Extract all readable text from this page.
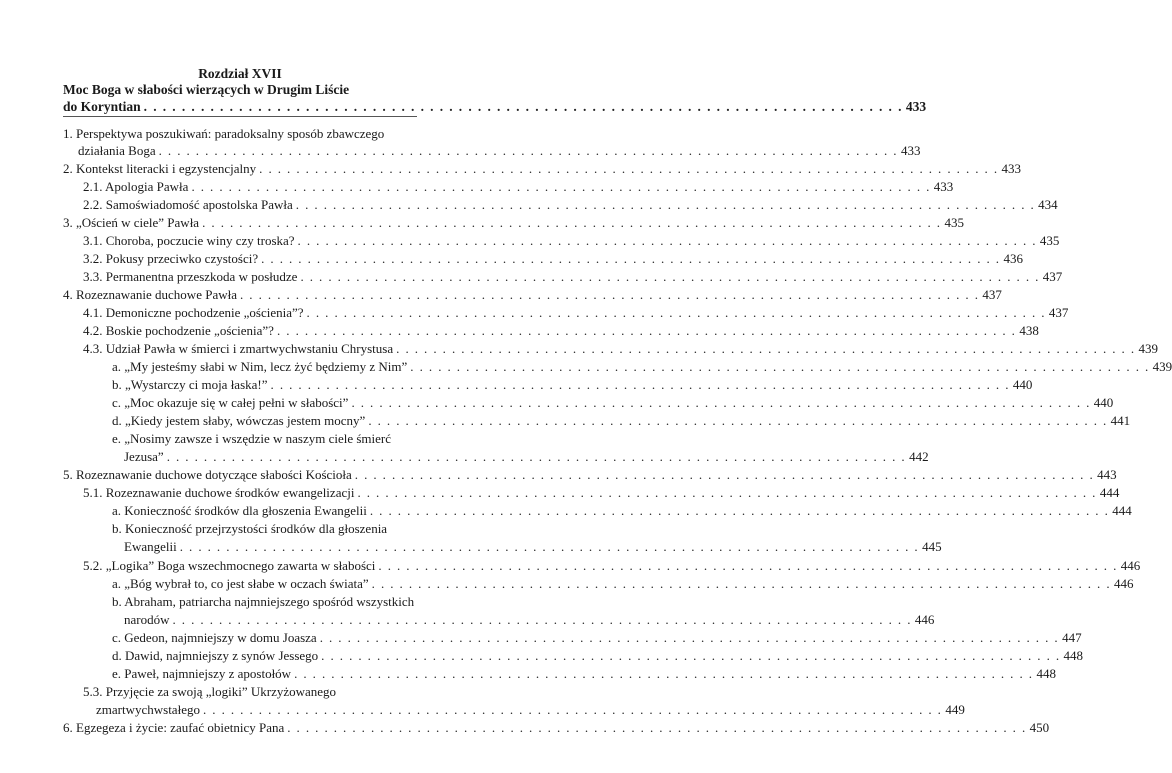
Rozdział XVII
Moc Boga w słabości wierzących w Drugim Liście
do Koryntian . . . . . . . . . . . . . . . . . . . . . . . . . . . . . . . . . . . . . . . . . . . . . . . . . . . . . . . . . . . . . . . . . . . . . . . . . . . . . . . . 433
1. Perspektywa poszukiwań: paradoksalny sposób zbawczego
działania Boga . . . . . . . . . . . . . . . . . . . . . . . . . . . . . . . . . . . . . . . . . . . . . . . . . . . . . . . . . . . . . . . . . . . . . . . . . . . . . . . . 433
2. Kontekst literacki i egzystencjalny . . . . . . . . . . . . . . . . . . . . . . . . . . . . . . . . . . . . . . . . . . . . . . . . . . . . . . . . . . . . . . . . . . . . . . . . . . . . . . . . 433
2.1. Apologia Pawła . . . . . . . . . . . . . . . . . . . . . . . . . . . . . . . . . . . . . . . . . . . . . . . . . . . . . . . . . . . . . . . . . . . . . . . . . . . . . . . . 433
2.2. Samoświadomość apostolska Pawła . . . . . . . . . . . . . . . . . . . . . . . . . . . . . . . . . . . . . . . . . . . . . . . . . . . . . . . . . . . . . . . . . . . . . . . . . . . . . . . . 434
3. „Oścień w ciele” Pawła . . . . . . . . . . . . . . . . . . . . . . . . . . . . . . . . . . . . . . . . . . . . . . . . . . . . . . . . . . . . . . . . . . . . . . . . . . . . . . . . 435
3.1. Choroba, poczucie winy czy troska? . . . . . . . . . . . . . . . . . . . . . . . . . . . . . . . . . . . . . . . . . . . . . . . . . . . . . . . . . . . . . . . . . . . . . . . . . . . . . . . . 435
3.2. Pokusy przeciwko czystości? . . . . . . . . . . . . . . . . . . . . . . . . . . . . . . . . . . . . . . . . . . . . . . . . . . . . . . . . . . . . . . . . . . . . . . . . . . . . . . . . 436
3.3. Permanentna przeszkoda w posłudze . . . . . . . . . . . . . . . . . . . . . . . . . . . . . . . . . . . . . . . . . . . . . . . . . . . . . . . . . . . . . . . . . . . . . . . . . . . . . . . . 437
4. Rozeznawanie duchowe Pawła . . . . . . . . . . . . . . . . . . . . . . . . . . . . . . . . . . . . . . . . . . . . . . . . . . . . . . . . . . . . . . . . . . . . . . . . . . . . . . . . 437
4.1. Demoniczne pochodzenie „ościenia”? . . . . . . . . . . . . . . . . . . . . . . . . . . . . . . . . . . . . . . . . . . . . . . . . . . . . . . . . . . . . . . . . . . . . . . . . . . . . . . . . 437
4.2. Boskie pochodzenie „ościenia”? . . . . . . . . . . . . . . . . . . . . . . . . . . . . . . . . . . . . . . . . . . . . . . . . . . . . . . . . . . . . . . . . . . . . . . . . . . . . . . . . 438
4.3. Udział Pawła w śmierci i zmartwychwstaniu Chrystusa . . . . . . . . . . . . . . . . . . . . . . . . . . . . . . . . . . . . . . . . . . . . . . . . . . . . . . . . . . . . . . . . . . . . . . . . . . . . . . . . 439
a. „My jesteśmy słabi w Nim, lecz żyć będziemy z Nim” . . . . . . . . . . . . . . . . . . . . . . . . . . . . . . . . . . . . . . . . . . . . . . . . . . . . . . . . . . . . . . . . . . . . . . . . . . . . . . . . 439
b. „Wystarczy ci moja łaska!” . . . . . . . . . . . . . . . . . . . . . . . . . . . . . . . . . . . . . . . . . . . . . . . . . . . . . . . . . . . . . . . . . . . . . . . . . . . . . . . . 440
c. „Moc okazuje się w całej pełni w słabości” . . . . . . . . . . . . . . . . . . . . . . . . . . . . . . . . . . . . . . . . . . . . . . . . . . . . . . . . . . . . . . . . . . . . . . . . . . . . . . . . 440
d. „Kiedy jestem słaby, wówczas jestem mocny” . . . . . . . . . . . . . . . . . . . . . . . . . . . . . . . . . . . . . . . . . . . . . . . . . . . . . . . . . . . . . . . . . . . . . . . . . . . . . . . . 441
e. „Nosimy zawsze i wszędzie w naszym ciele śmierć
Jezusa” . . . . . . . . . . . . . . . . . . . . . . . . . . . . . . . . . . . . . . . . . . . . . . . . . . . . . . . . . . . . . . . . . . . . . . . . . . . . . . . . 442
5. Rozeznawanie duchowe dotyczące słabości Kościoła . . . . . . . . . . . . . . . . . . . . . . . . . . . . . . . . . . . . . . . . . . . . . . . . . . . . . . . . . . . . . . . . . . . . . . . . . . . . . . . . 443
5.1. Rozeznawanie duchowe środków ewangelizacji . . . . . . . . . . . . . . . . . . . . . . . . . . . . . . . . . . . . . . . . . . . . . . . . . . . . . . . . . . . . . . . . . . . . . . . . . . . . . . . . 444
a. Konieczność środków dla głoszenia Ewangelii . . . . . . . . . . . . . . . . . . . . . . . . . . . . . . . . . . . . . . . . . . . . . . . . . . . . . . . . . . . . . . . . . . . . . . . . . . . . . . . . 444
b. Konieczność przejrzystości środków dla głoszenia
Ewangelii . . . . . . . . . . . . . . . . . . . . . . . . . . . . . . . . . . . . . . . . . . . . . . . . . . . . . . . . . . . . . . . . . . . . . . . . . . . . . . . . 445
5.2. „Logika” Boga wszechmocnego zawarta w słabości . . . . . . . . . . . . . . . . . . . . . . . . . . . . . . . . . . . . . . . . . . . . . . . . . . . . . . . . . . . . . . . . . . . . . . . . . . . . . . . . 446
a. „Bóg wybrał to, co jest słabe w oczach świata” . . . . . . . . . . . . . . . . . . . . . . . . . . . . . . . . . . . . . . . . . . . . . . . . . . . . . . . . . . . . . . . . . . . . . . . . . . . . . . . . 446
b. Abraham, patriarcha najmniejszego spośród wszystkich
narodów . . . . . . . . . . . . . . . . . . . . . . . . . . . . . . . . . . . . . . . . . . . . . . . . . . . . . . . . . . . . . . . . . . . . . . . . . . . . . . . . 446
c. Gedeon, najmniejszy w domu Joasza . . . . . . . . . . . . . . . . . . . . . . . . . . . . . . . . . . . . . . . . . . . . . . . . . . . . . . . . . . . . . . . . . . . . . . . . . . . . . . . . 447
d. Dawid, najmniejszy z synów Jessego . . . . . . . . . . . . . . . . . . . . . . . . . . . . . . . . . . . . . . . . . . . . . . . . . . . . . . . . . . . . . . . . . . . . . . . . . . . . . . . . 448
e. Paweł, najmniejszy z apostołów . . . . . . . . . . . . . . . . . . . . . . . . . . . . . . . . . . . . . . . . . . . . . . . . . . . . . . . . . . . . . . . . . . . . . . . . . . . . . . . . 448
5.3. Przyjęcie za swoją „logiki” Ukrzyżowanego
zmartwychwstałego . . . . . . . . . . . . . . . . . . . . . . . . . . . . . . . . . . . . . . . . . . . . . . . . . . . . . . . . . . . . . . . . . . . . . . . . . . . . . . . . 449
6. Egzegeza i życie: zaufać obietnicy Pana . . . . . . . . . . . . . . . . . . . . . . . . . . . . . . . . . . . . . . . . . . . . . . . . . . . . . . . . . . . . . . . . . . . . . . . . . . . . . . . . 450
